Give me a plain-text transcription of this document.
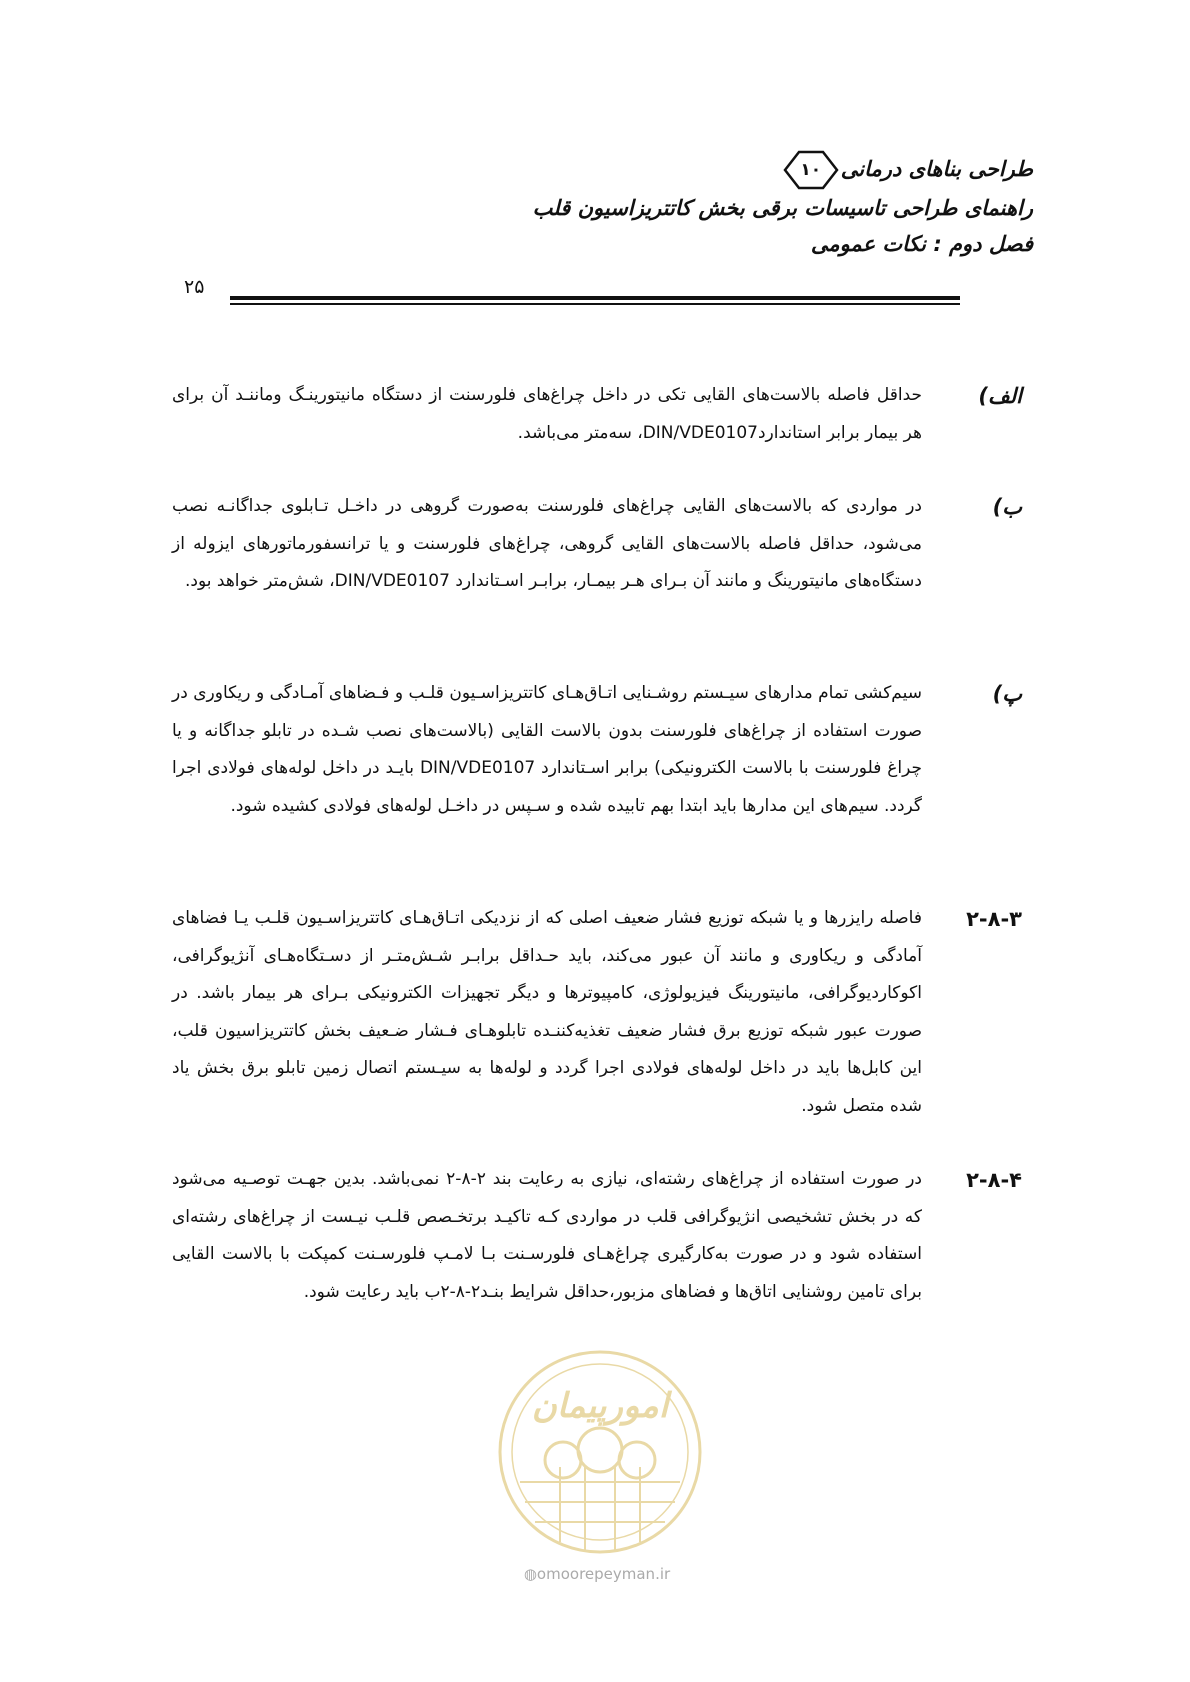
طراحی بناهای درمانی
۱۰
راهنمای طراحی تاسیسات برقی بخش کاتتریزاسیون قلب
فصل دوم : نکات عمومی
۲۵
الف)
حداقل فاصله بالاست‌های القایی تکی در داخل چراغ‌های فلورسنت از دستگاه مانیتورینـگ وماننـد آن برای هر بیمار برابر استانداردDIN/VDE0107، سه‌متر می‌باشد.
ب)
در مواردی که بالاست‌های القایی چراغ‌های فلورسنت به‌صورت گروهی در داخـل تـابلوی جداگانـه نصب می‌شود، حداقل فاصله بالاست‌های القایی گروهی، چراغ‌های فلورسنت و یا ترانسفورماتورهای ایزوله از دستگاه‌های مانیتورینگ و مانند آن بـرای هـر بیمـار، برابـر اسـتاندارد DIN/VDE0107، شش‌متر خواهد بود.
پ)
سیم‌کشی تمام مدارهای سیـستم روشـنایی اتـاق‌هـای کاتتریزاسـیون قلـب و فـضاهای آمـادگی و ریکاوری در صورت استفاده از چراغ‌های فلورسنت بدون بالاست القایی (بالاست‌های نصب شـده در تابلو جداگانه و یا چراغ فلورسنت با بالاست الکترونیکی) برابر اسـتاندارد DIN/VDE0107 بایـد در داخل لوله‌های فولادی اجرا گردد. سیم‌های این مدارها باید ابتدا بهم تابیده شده و سـپس در داخـل لوله‌های فولادی کشیده شود.
۲-۸-۳
فاصله رایزرها و یا شبکه توزیع فشار ضعیف اصلی که از نزدیکی اتـاق‌هـای کاتتریزاسـیون قلـب یـا فضاهای آمادگی و ریکاوری و مانند آن عبور می‌کند، باید حـداقل برابـر شـش‌متـر از دسـتگاه‌هـای آنژیوگرافی، اکوکاردیوگرافی، مانیتورینگ فیزیولوژی، کامپیوترها و دیگر تجهیزات الکترونیکی بـرای هر بیمار باشد. در صورت عبور شبکه توزیع برق فشار ضعیف تغذیه‌کننـده تابلوهـای فـشار ضـعیف بخش کاتتریزاسیون قلب، این کابل‌ها باید در داخل لوله‌های فولادی اجرا گردد و لوله‌ها به سیـستم اتصال زمین تابلو برق بخش یاد شده متصل شود.
۲-۸-۴
در صورت استفاده از چراغ‌های رشته‌ای، نیازی به رعایت بند ۲-۸-۲ نمی‌باشد. بدین جهـت توصـیه می‌شود که در بخش تشخیصی انژیوگرافی قلب در مواردی کـه تاکیـد برتخـصص قلـب نیـست از چراغ‌های رشته‌ای استفاده شود و در صورت به‌کارگیری چراغ‌هـای فلورسـنت بـا لامـپ فلورسـنت کمپکت با بالاست القایی برای تامین روشنایی اتاق‌ها و فضاهای مزبور،حداقل شرایط بنـد۲-۸-۲ب باید رعایت شود.
امورپیمان
◍omoorepeyman.ir
